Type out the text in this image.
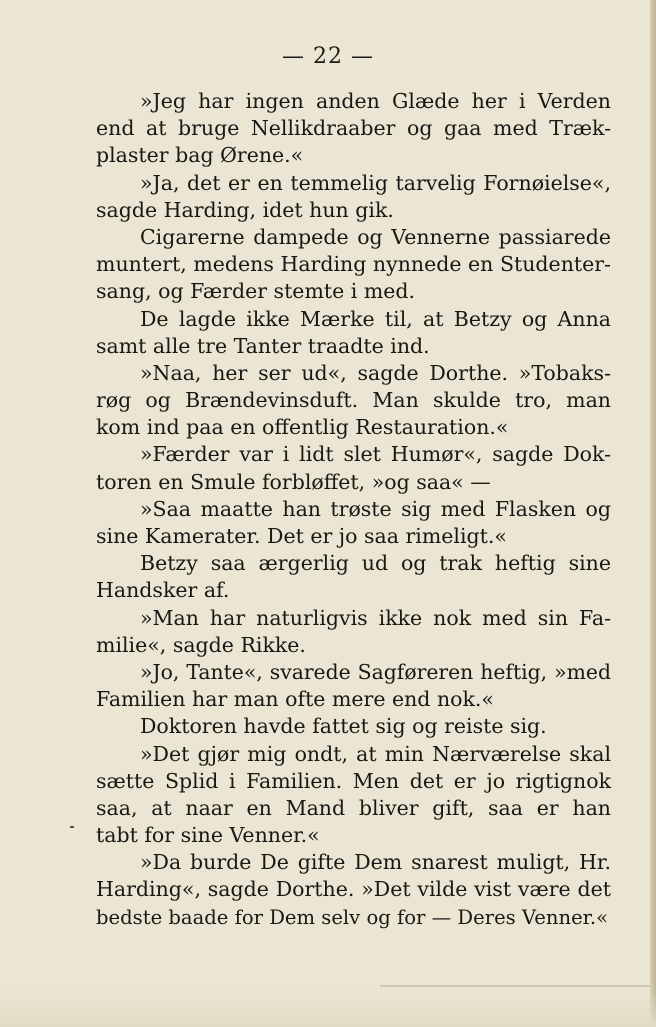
— 22 —
»Jeg har ingen anden Glæde her i Verden
end at bruge Nellikdraaber og gaa med Træk-
plaster bag Ørene.«
»Ja, det er en temmelig tarvelig Fornøielse«,
sagde Harding, idet hun gik.
Cigarerne dampede og Vennerne passiarede
muntert, medens Harding nynnede en Studenter-
sang, og Færder stemte i med.
De lagde ikke Mærke til, at Betzy og Anna
samt alle tre Tanter traadte ind.
»Naa, her ser ud«, sagde Dorthe. »Tobaks-
røg og Brændevinsduft. Man skulde tro, man
kom ind paa en offentlig Restauration.«
»Færder var i lidt slet Humør«, sagde Dok-
toren en Smule forbløffet, »og saa« —
»Saa maatte han trøste sig med Flasken og
sine Kamerater. Det er jo saa rimeligt.«
Betzy saa ærgerlig ud og trak heftig sine
Handsker af.
»Man har naturligvis ikke nok med sin Fa-
milie«, sagde Rikke.
»Jo, Tante«, svarede Sagføreren heftig, »med
Familien har man ofte mere end nok.«
Doktoren havde fattet sig og reiste sig.
»Det gjør mig ondt, at min Nærværelse skal
sætte Splid i Familien. Men det er jo rigtignok
saa, at naar en Mand bliver gift, saa er han
tabt for sine Venner.«
»Da burde De gifte Dem snarest muligt, Hr.
Harding«, sagde Dorthe. »Det vilde vist være det
bedste baade for Dem selv og for — Deres Venner.«
